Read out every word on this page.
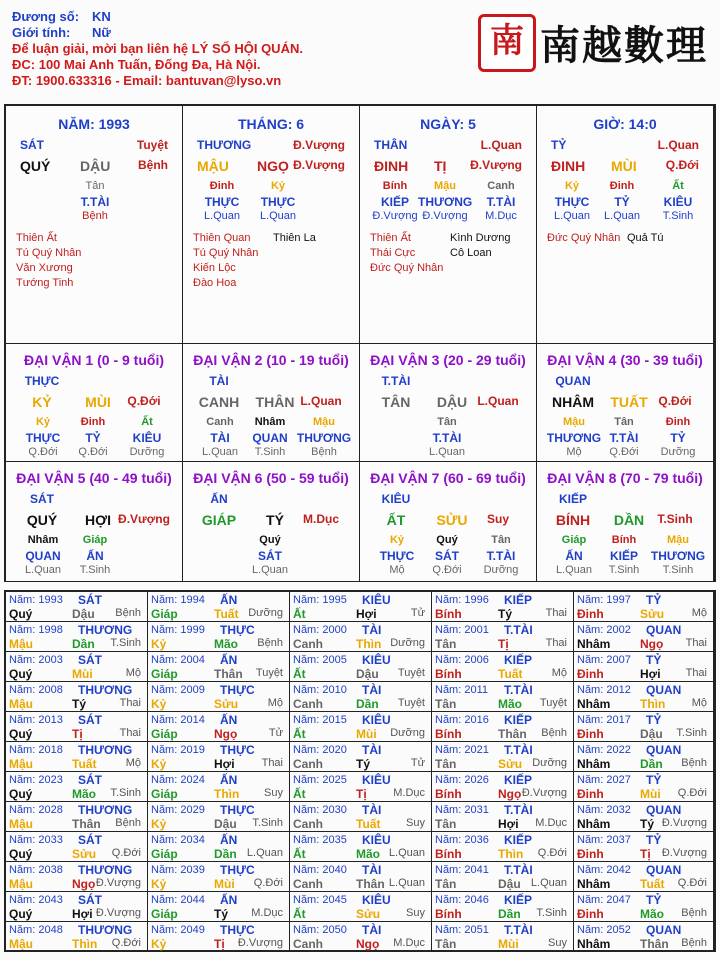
Đương số: KN
Giới tính: Nữ
Để luận giải, mời bạn liên hệ LÝ SỐ HỘI QUÁN.
ĐC: 100 Mai Anh Tuấn, Đống Đa, Hà Nội.
ĐT: 1900.633316 - Email: bantuvan@lyso.vn
南 南越數理
NĂM: 1993
SÁT	Tuyệt
QUÝ DẬU Bệnh
Tân
T.TÀI
Bệnh
Thiên Ất
Tú Quý Nhân
Văn Xương
Tướng Tinh
THÁNG: 6
THƯƠNG	Đ.Vượng
MẬU NGỌ Đ.Vượng
Đinh
THỰC
L.Quan
Kỷ
THỰC
L.Quan
Thiên Quan
Tú Quý Nhân
Kiến Lộc
Đào Hoa
Thiên La
NGÀY: 5
THÂN	L.Quan
ĐINH TỊ Đ.Vượng
Bính
KIẾP
Đ.Vượng
Mậu
THƯƠNG
Đ.Vượng
Canh
T.TÀI
M.Dục
Thiên Ất
Thái Cực
Đức Quý Nhân
Kình Dương
Cô Loan
GIỜ: 14:0
TỶ	L.Quan
ĐINH MÙI Q.Đới
Kỷ
THỰC
L.Quan
Đinh
TỶ
L.Quan
Ất
KIÊU
T.Sinh
Đức Quý Nhân Quả Tú
ĐẠI VẬN 1 (0 - 9 tuổi)
THỰC
KỶ	MÙI	Q.Đới
Kỷ
THỰC
Q.Đới
Đinh
TỶ
Q.Đới
Ất
KIÊU
Dưỡng
ĐẠI VẬN 2 (10 - 19 tuổi)
TÀI
CANH	THÂN L.Quan
Canh
TÀI
L.Quan
Nhâm
QUAN
T.Sinh
Mậu
THƯƠNG
Bệnh
ĐẠI VẬN 3 (20 - 29 tuổi)
T.TÀI
TÂN	DẬU L.Quan
Tân
T.TÀI
L.Quan
ĐẠI VẬN 4 (30 - 39 tuổi)
QUAN
NHÂM	TUẤT Q.Đới
Mậu
THƯƠNG
Mộ
Tân
T.TÀI
Q.Đới
Đinh
TỶ
Dưỡng
ĐẠI VẬN 5 (40 - 49 tuổi)
SÁT
QUÝ	HỢI Đ.Vượng
Nhâm
QUAN
L.Quan
Giáp
ẤN
T.Sinh
ĐẠI VẬN 6 (50 - 59 tuổi)
ẤN
GIÁP	TÝ	M.Dục
Quý
SÁT
L.Quan
ĐẠI VẬN 7 (60 - 69 tuổi)
KIÊU
ẤT	SỬU	Suy
Kỷ
THỰC
Mộ
Quý
SÁT
Q.Đới
Tân
T.TÀI
Dưỡng
ĐẠI VẬN 8 (70 - 79 tuổi)
KIẾP
BÍNH	DẦN	T.Sinh
Giáp
ẤN
L.Quan
Bính
KIẾP
T.Sinh
Mậu
THƯƠNG
T.Sinh
Năm: 1993 SÁT
Quý	Dậu Bệnh
Năm: 1994 ẤN
Giáp	Tuất Dưỡng
Năm: 1995 KIÊU
Ất	Hợi	Tử
Năm: 1996 KIẾP
Bính	Tý	Thai
Năm: 1997 TỶ
Đinh	Sửu	Mộ
Năm: 1998 THƯƠNG
Mậu	Dần T.Sinh
Năm: 1999 THỰC
Kỷ	Mão Bệnh
Năm: 2000 TÀI
Canh	Thìn Dưỡng
Năm: 2001 T.TÀI
Tân	Tị	Thai
Năm: 2002 QUAN
Nhâm Ngọ Thai
Năm: 2003 SÁT
Quý	Mùi	Mộ
Năm: 2004 ẤN
Giáp	Thân Tuyệt
Năm: 2005 KIÊU
Ất	Dậu Tuyệt
Năm: 2006 KIẾP
Bính	Tuất	Mộ
Năm: 2007 TỶ
Đinh	Hợi Thai
Năm: 2008 THƯƠNG
Mậu	Tý	Thai
Năm: 2009 THỰC
Kỷ	Sửu	Mộ
Năm: 2010 TÀI
Canh	Dần Tuyệt
Năm: 2011 T.TÀI
Tân	Mão Tuyệt
Năm: 2012 QUAN
Nhâm Thìn Mộ
Năm: 2013 SÁT
Quý	Tị	Thai
Năm: 2014 ẤN
Giáp	Ngọ	Tử
Năm: 2015 KIÊU
Ất	Mùi Dưỡng
Năm: 2016 KIẾP
Bính	Thân Bệnh
Năm: 2017 TỶ
Đinh	Dậu T.Sinh
Năm: 2018 THƯƠNG
Mậu	Tuất	Mộ
Năm: 2019 THỰC
Kỷ	Hợi Thai
Năm: 2020 TÀI
Canh	Tý	Tử
Năm: 2021 T.TÀI
Tân	Sửu Dưỡng
Năm: 2022 QUAN
Nhâm Dần Bệnh
Năm: 2023 SÁT
Quý	Mão T.Sinh
Năm: 2024 ẤN
Giáp	Thìn Suy
Năm: 2025 KIÊU
Ất	Tị M.Dục
Năm: 2026 KIẾP
Bính	Ngọ Đ.Vượng
Năm: 2027 TỶ
Đinh	Mùi Q.Đới
Năm: 2028 THƯƠNG
Mậu	Thân Bệnh
Năm: 2029 THỰC
Kỷ	Dậu T.Sinh
Năm: 2030 TÀI
Canh	Tuất Suy
Năm: 2031 T.TÀI
Tân	Hợi M.Dục
Năm: 2032 QUAN
Nhâm Tý Đ.Vượng
Năm: 2033 SÁT
Quý	Sửu Q.Đới
Năm: 2034 ẤN
Giáp	Dần L.Quan
Năm: 2035 KIÊU
Ất	Mão L.Quan
Năm: 2036 KIẾP
Bính	Thìn Q.Đới
Năm: 2037 TỶ
Đinh	Tị Đ.Vượng
Năm: 2038 THƯƠNG
Mậu	Ngọ Đ.Vượng
Năm: 2039 THỰC
Kỷ	Mùi Q.Đới
Năm: 2040 TÀI
Canh	Thân L.Quan
Năm: 2041 T.TÀI
Tân	Dậu L.Quan
Năm: 2042 QUAN
Nhâm Tuất Q.Đới
Năm: 2043 SÁT
Quý	Hợi Đ.Vượng
Năm: 2044 ẤN
Giáp	Tý M.Dục
Năm: 2045 KIÊU
Ất	Sửu Suy
Năm: 2046 KIẾP
Bính	Dần T.Sinh
Năm: 2047 TỶ
Đinh	Mão Bệnh
Năm: 2048 THƯƠNG
Mậu	Thìn Q.Đới
Năm: 2049 THỰC
Kỷ	Tị Đ.Vượng
Năm: 2050 TÀI
Canh	Ngọ M.Dục
Năm: 2051 T.TÀI
Tân	Mùi	Suy
Năm: 2052 QUAN
Nhâm Thân Bệnh
